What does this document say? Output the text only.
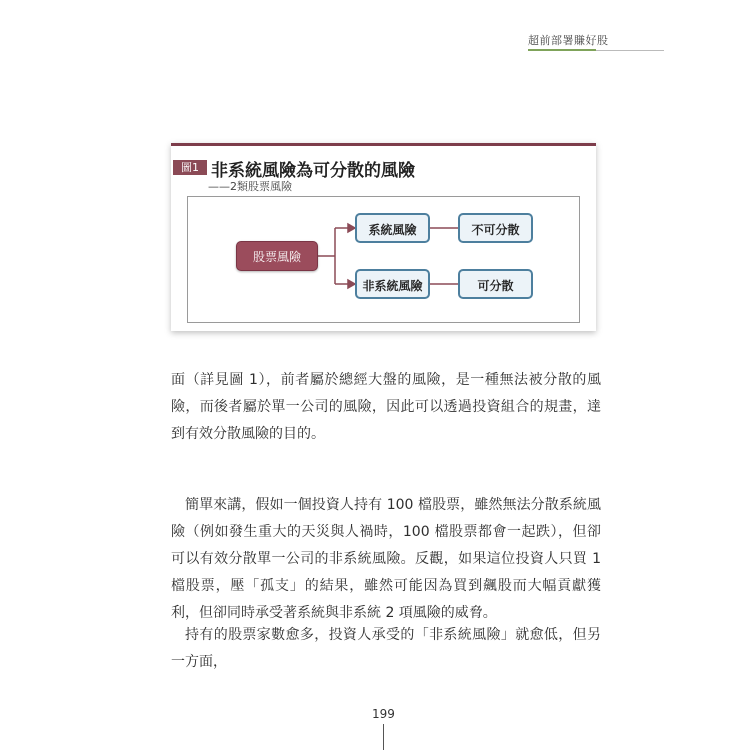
超前部署賺好股
圖1 非系統風險為可分散的風險
——2類股票風險
股票風險
系統風險	不可分散
非系統風險	可分散

面（詳見圖 1），前者屬於總經大盤的風險，是一種無法被分散的風險，而後者屬於單一公司的風險，因此可以透過投資組合的規畫，達到有效分散風險的目的。

簡單來講，假如一個投資人持有 100 檔股票，雖然無法分散系統風險（例如發生重大的天災與人禍時，100 檔股票都會一起跌），但卻可以有效分散單一公司的非系統風險。反觀，如果這位投資人只買 1 檔股票，壓「孤支」的結果，雖然可能因為買到飆股而大幅貢獻獲利，但卻同時承受著系統與非系統 2 項風險的威脅。

持有的股票家數愈多，投資人承受的「非系統風險」就愈低，但另一方面，

199
